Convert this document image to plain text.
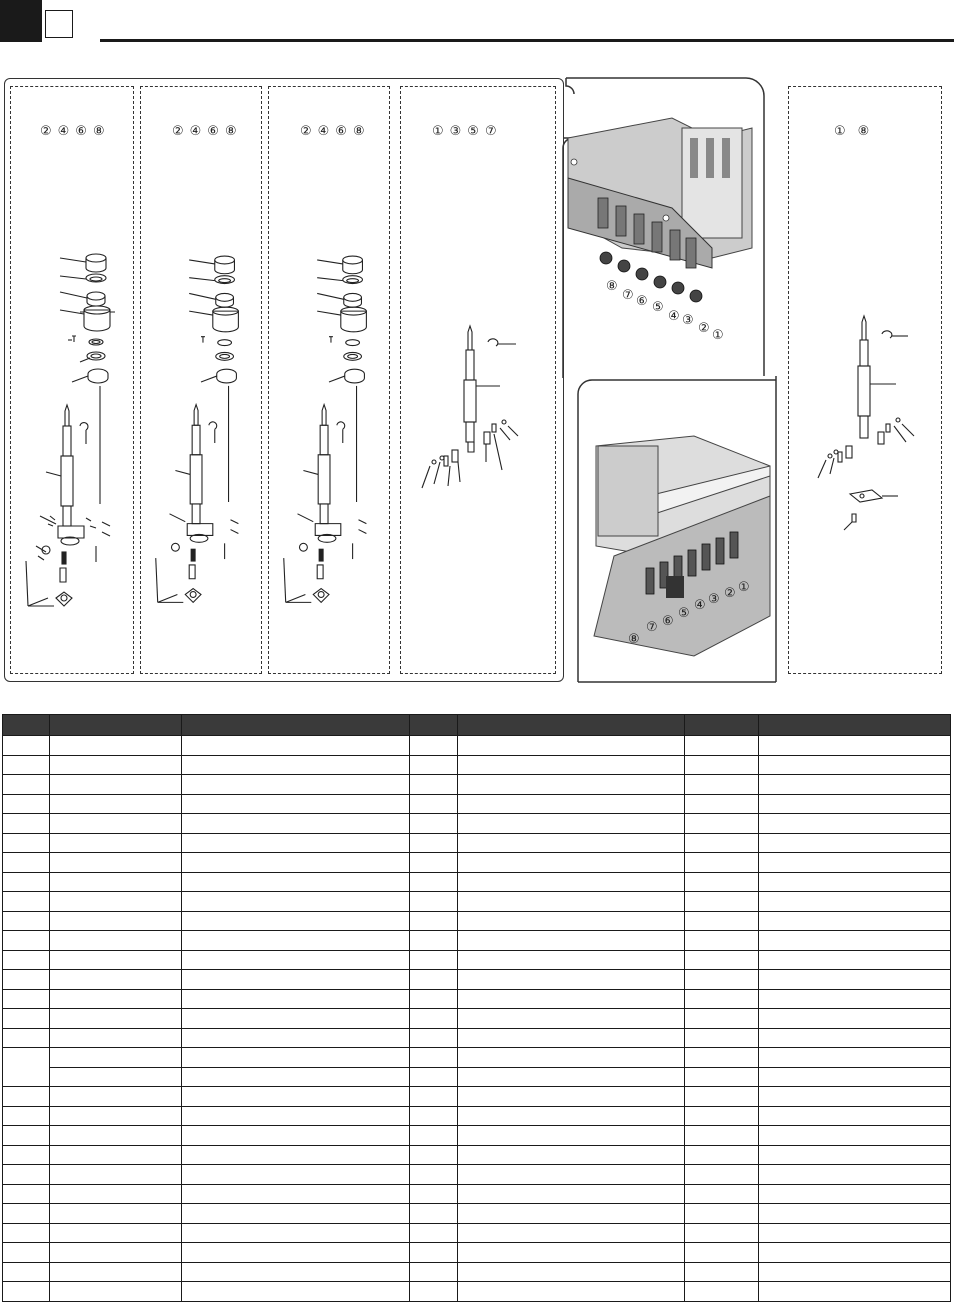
②④⑥⑧	②④⑥⑧	②④⑥⑧	①③⑤⑦	①⑧
⑧
⑦ ⑥ ⑤
④ ③
② ①
⑧
⑦ ⑥
⑤
④ ③ ② ①
